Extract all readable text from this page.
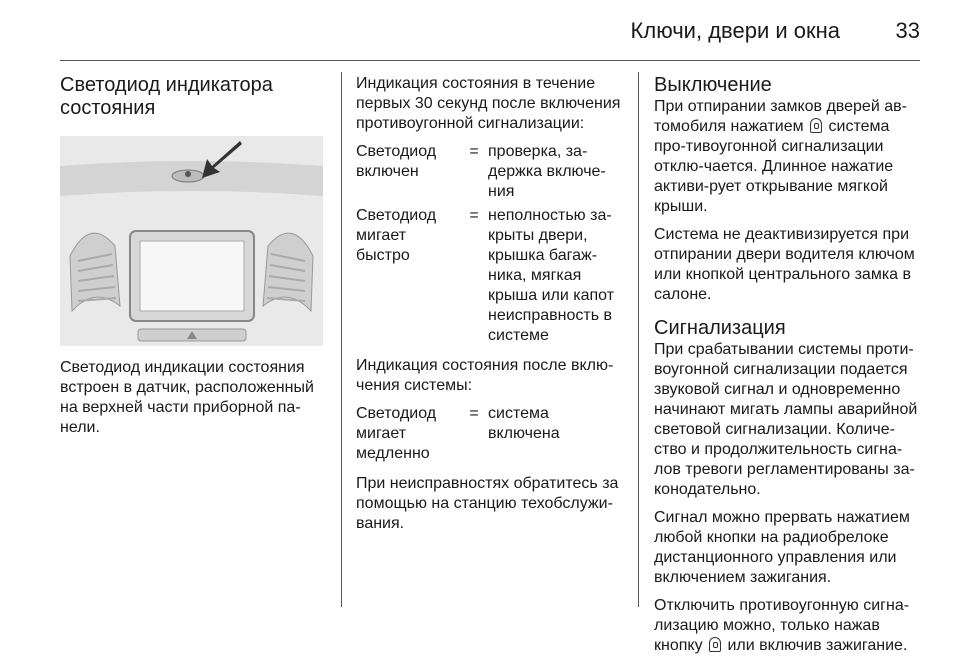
Ключи, двери и окна	33
Светодиод индикатора состояния

Светодиод индикации состояния встроен в датчик, расположенный на верхней части приборной па-нели.

Индикация состояния в течение первых 30 секунд после включения противоугонной сигнализации:

Светодиод включен
= проверка, за-держка включе-ния
Светодиод мигает быстро
= неполностью за-крыты двери, крышка багаж-ника, мягкая крыша или капот неисправность в системе

Индикация состояния после вклю-чения системы:

Светодиод мигает медленно
= система включена

При неисправностях обратитесь за помощью на станцию техобслужи-вания.

Выключение

При отпирании замков дверей ав-томобиля нажатием система про-тивоугонной сигнализации отклю-чается. Длинное нажатие активи-рует открывание мягкой крыши.

Система не деактивизируется при отпирании двери водителя ключом или кнопкой центрального замка в салоне.

Сигнализация

При срабатывании системы проти-воугонной сигнализации подается звуковой сигнал и одновременно начинают мигать лампы аварийной световой сигнализации. Количе-ство и продолжительность сигна-лов тревоги регламентированы за-конодательно.

Сигнал можно прервать нажатием любой кнопки на радиобрелоке дистанционного управления или включением зажигания.

Отключить противоугонную сигна-лизацию можно, только нажав кнопку или включив зажигание.
